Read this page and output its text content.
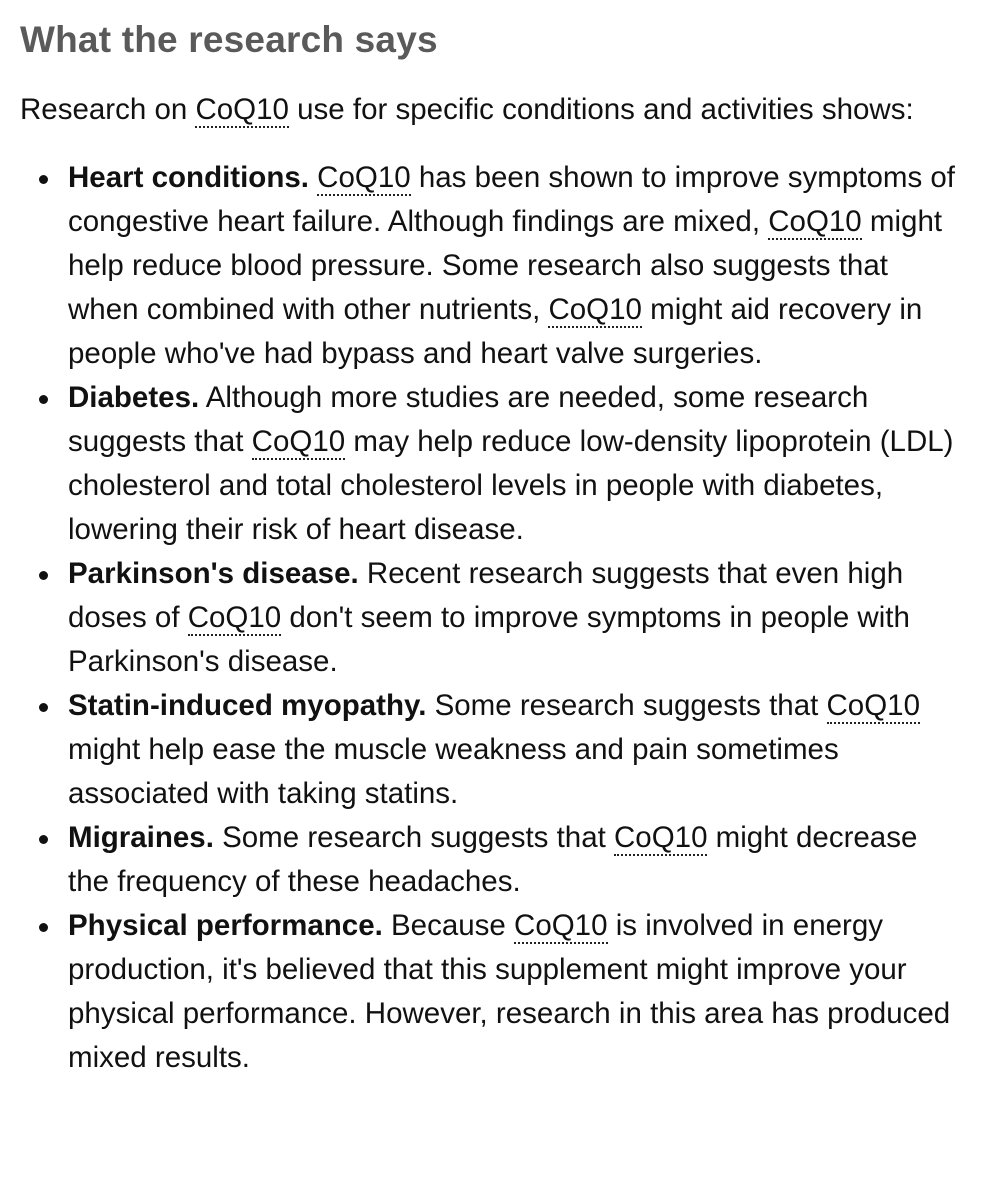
What the research says

Research on CoQ10 use for specific conditions and activities shows:

Heart conditions. CoQ10 has been shown to improve symptoms of congestive heart failure. Although findings are mixed, CoQ10 might help reduce blood pressure. Some research also suggests that when combined with other nutrients, CoQ10 might aid recovery in people who've had bypass and heart valve surgeries.
Diabetes. Although more studies are needed, some research suggests that CoQ10 may help reduce low-density lipoprotein (LDL) cholesterol and total cholesterol levels in people with diabetes, lowering their risk of heart disease.
Parkinson's disease. Recent research suggests that even high doses of CoQ10 don't seem to improve symptoms in people with Parkinson's disease.
Statin-induced myopathy. Some research suggests that CoQ10 might help ease the muscle weakness and pain sometimes associated with taking statins.
Migraines. Some research suggests that CoQ10 might decrease the frequency of these headaches.
Physical performance. Because CoQ10 is involved in energy production, it's believed that this supplement might improve your physical performance. However, research in this area has produced mixed results.
